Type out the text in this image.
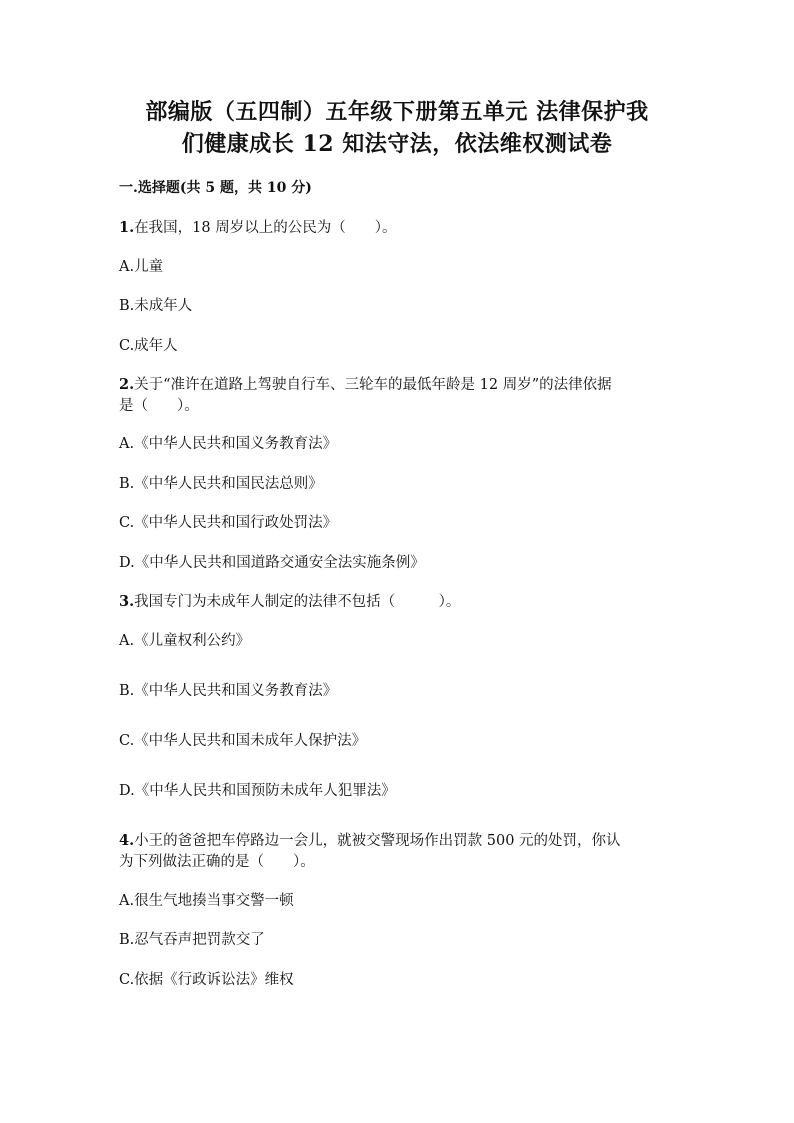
部编版（五四制）五年级下册第五单元 法律保护我
们健康成长 12 知法守法，依法维权测试卷
一.选择题(共 5 题，共 10 分)
1.在我国，18 周岁以上的公民为（　　）。
A.儿童
B.未成年人
C.成年人
2.关于“准许在道路上驾驶自行车、三轮车的最低年龄是 12 周岁”的法律依据
是（　　）。
A.《中华人民共和国义务教育法》
B.《中华人民共和国民法总则》
C.《中华人民共和国行政处罚法》
D.《中华人民共和国道路交通安全法实施条例》
3.我国专门为未成年人制定的法律不包括（　　　）。
A.《儿童权利公约》
B.《中华人民共和国义务教育法》
C.《中华人民共和国未成年人保护法》
D.《中华人民共和国预防未成年人犯罪法》
4.小王的爸爸把车停路边一会儿，就被交警现场作出罚款 500 元的处罚，你认
为下列做法正确的是（　　）。
A.很生气地揍当事交警一顿
B.忍气吞声把罚款交了
C.依据《行政诉讼法》维权
